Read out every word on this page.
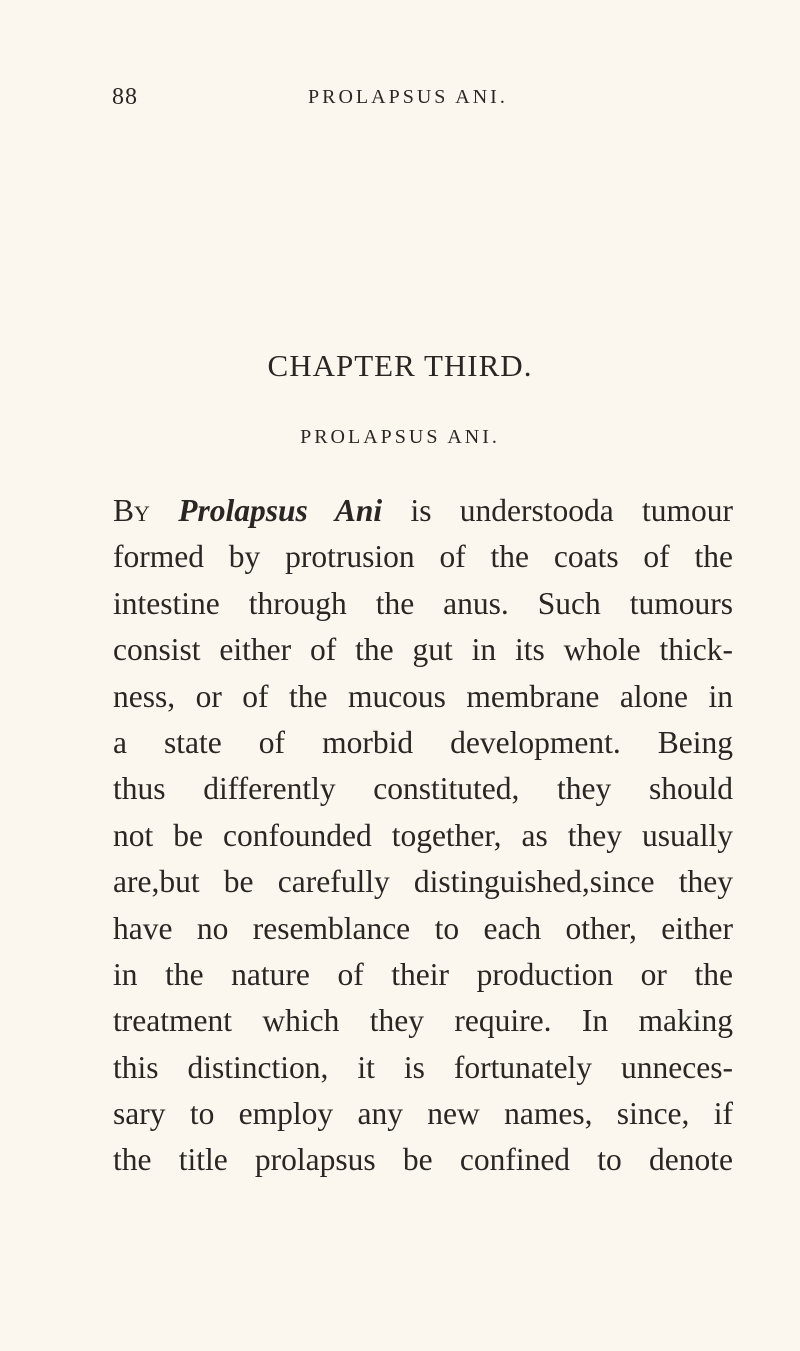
88	PROLAPSUS ANI.
CHAPTER THIRD.
PROLAPSUS ANI.
By Prolapsus Ani is understooda tumour
formed by protrusion of the coats of the
intestine through the anus. Such tumours
consist either of the gut in its whole thick-
ness, or of the mucous membrane alone in
a state of morbid development. Being
thus differently constituted, they should
not be confounded together, as they usually
are,but be carefully distinguished,since they
have no resemblance to each other, either
in the nature of their production or the
treatment which they require. In making
this distinction, it is fortunately unneces-
sary to employ any new names, since, if
the title prolapsus be confined to denote
